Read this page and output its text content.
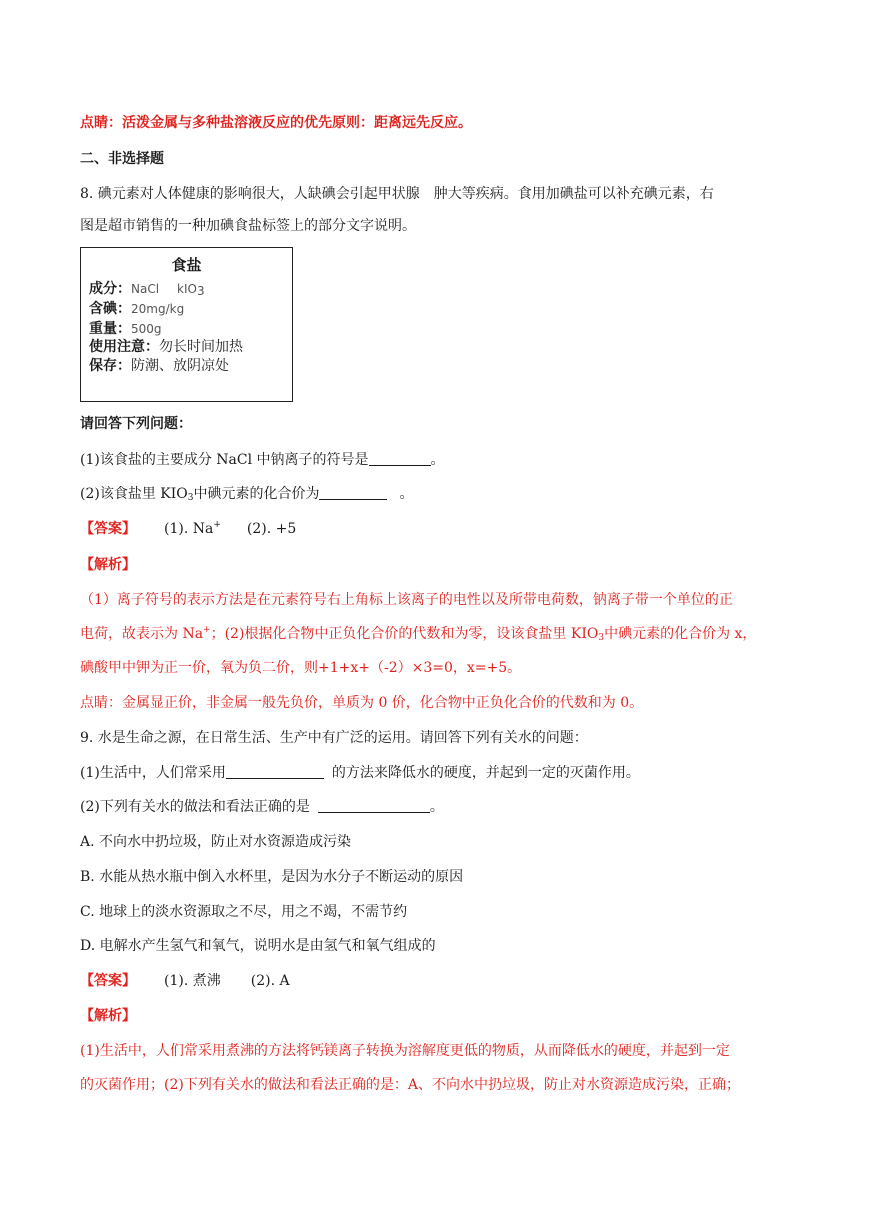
点睛：活泼金属与多种盐溶液反应的优先原则：距离远先反应。
二、非选择题
8. 碘元素对人体健康的影响很大，人缺碘会引起甲状腺　肿大等疾病。食用加碘盐可以补充碘元素，右
图是超市销售的一种加碘食盐标签上的部分文字说明。
食盐
成分：NaCl kIO$_3$
含碘：20mg/kg
重量：500g
使用注意：勿长时间加热
保存：防潮、放阴凉处
请回答下列问题：
(1)该食盐的主要成分 NaCl 中钠离子的符号是	。
(2)该食盐里 $KIO_3$中碘元素的化合价为	。
【答案】 (1). Na+ (2). +5
【解析】
（1）离子符号的表示方法是在元素符号右上角标上该离子的电性以及所带电荷数，钠离子带一个单位的正
电荷，故表示为 Na+；(2)根据化合物中正负化合价的代数和为零，设该食盐里 $KIO_3$中碘元素的化合价为 x，
碘酸甲中钾为正一价，氧为负二价，则+1+x+（-2）×3=0，x=+5。
点睛：金属显正价，非金属一般先负价，单质为 0 价，化合物中正负化合价的代数和为 0。
9. 水是生命之源，在日常生活、生产中有广泛的运用。请回答下列有关水的问题：
(1)生活中，人们常采用	的方法来降低水的硬度，并起到一定的灭菌作用。
(2)下列有关水的做法和看法正确的是	。
A. 不向水中扔垃圾，防止对水资源造成污染
B. 水能从热水瓶中倒入水杯里，是因为水分子不断运动的原因
C. 地球上的淡水资源取之不尽，用之不竭，不需节约
D. 电解水产生氢气和氧气，说明水是由氢气和氧气组成的
【答案】 (1). 煮沸 (2). A
【解析】
(1)生活中，人们常采用煮沸的方法将钙镁离子转换为溶解度更低的物质，从而降低水的硬度，并起到一定
的灭菌作用；(2)下列有关水的做法和看法正确的是：A、不向水中扔垃圾，防止对水资源造成污染，正确；
